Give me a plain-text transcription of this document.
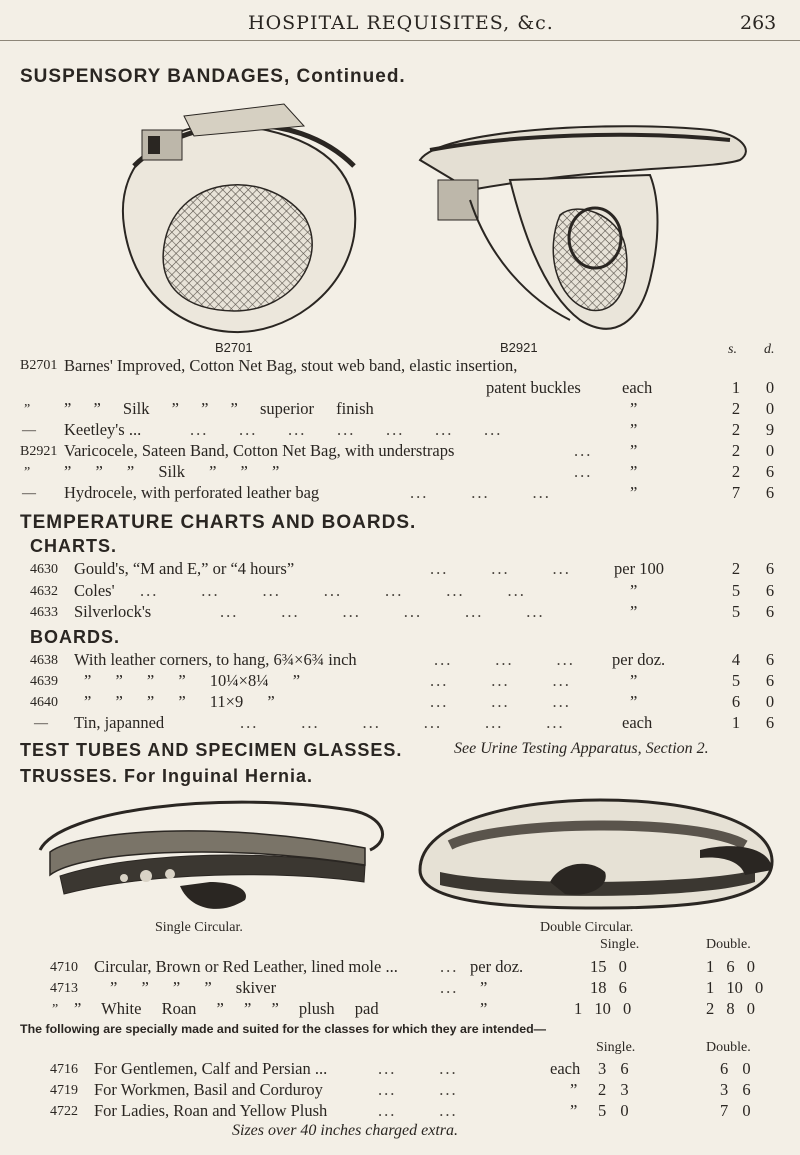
HOSPITAL REQUISITES, &c.	263
SUSPENSORY BANDAGES, Continued.
B2701	B2921	s. d.
B2701 Barnes' Improved, Cotton Net Bag, stout web band, elastic insertion,
patent buckles each	1	0
” ” ” Silk ” ” ” superior finish	”	2	0
— Keetley's ...	...     ...     ...     ...     ...     ...     ...	”	2	9
B2921 Varicocele, Sateen Band, Cotton Net Bag, with understraps	... ”	2	0
” ” ” ” Silk ” ” ”	... ”	2	6
— Hydrocele, with perforated leather bag	...       ...       ...	”	7	6
TEMPERATURE CHARTS AND BOARDS.
CHARTS.
4630 Gould's, “M and E,” or “4 hours”	...       ...       ...	per 100	2	6
4632 Coles' ...       ...       ...       ...       ...       ...       ...	”	5	6
4633 Silverlock's	...       ...       ...       ...       ...       ...	”	5	6
BOARDS.
4638 With leather corners, to hang, 6¾×6¾ inch	...       ...       ... per doz.	4	6
4639 ” ” ” ” 10¼×8¼ ”	...       ...       ...	”	5	6
4640 ” ” ” ” 11×9 ”	...       ...       ...	”	6	0
— Tin, japanned	...       ...       ...       ...       ...       ...	each	1	6
TEST TUBES AND SPECIMEN GLASSES.	See Urine Testing Apparatus, Section 2.
TRUSSES. For Inguinal Hernia.
Single Circular.	Double Circular.
Single.	Double.
4710 Circular, Brown or Red Leather, lined mole ...	... per doz.	15 0	1 6 0
4713 ” ” ” ” skiver	... ”	18 6	1 10 0
” ” White Roan ” ” ” plush pad	”	1 10 0	2 8 0
The following are specially made and suited for the classes for which they are intended—
Single.	Double.
4716 For Gentlemen, Calf and Persian ...	...       ...	each 3 6	6 0
4719 For Workmen, Basil and Corduroy	...       ...	” 2 3	3 6
4722 For Ladies, Roan and Yellow Plush	...       ...	” 5 0	7 0
Sizes over 40 inches charged extra.
